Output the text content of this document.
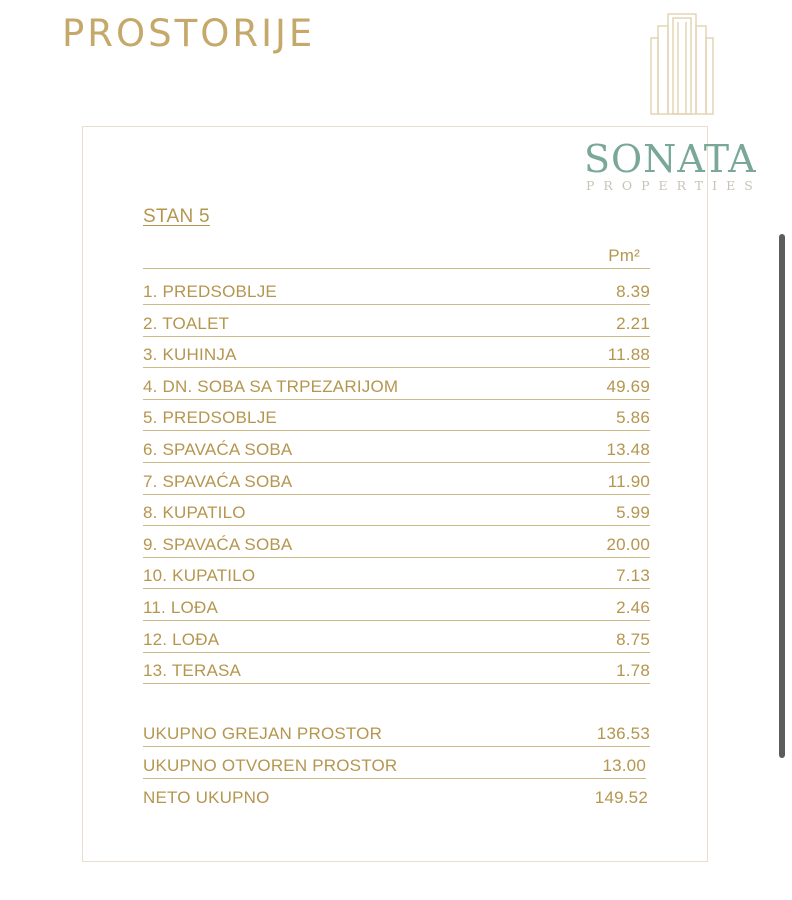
PROSTORIJE
SONATA
PROPERTIES
STAN 5
Pm²
1. PREDSOBLJE	8.39
2. TOALET	2.21
3. KUHINJA	11.88
4. DN. SOBA SA TRPEZARIJOM	49.69
5. PREDSOBLJE	5.86
6. SPAVAĆA SOBA	13.48
7. SPAVAĆA SOBA	11.90
8. KUPATILO	5.99
9. SPAVAĆA SOBA	20.00
10. KUPATILO	7.13
11. LOĐA	2.46
12. LOĐA	8.75
13. TERASA	1.78
UKUPNO GREJAN PROSTOR	136.53
UKUPNO OTVOREN PROSTOR	13.00
NETO UKUPNO	149.52
